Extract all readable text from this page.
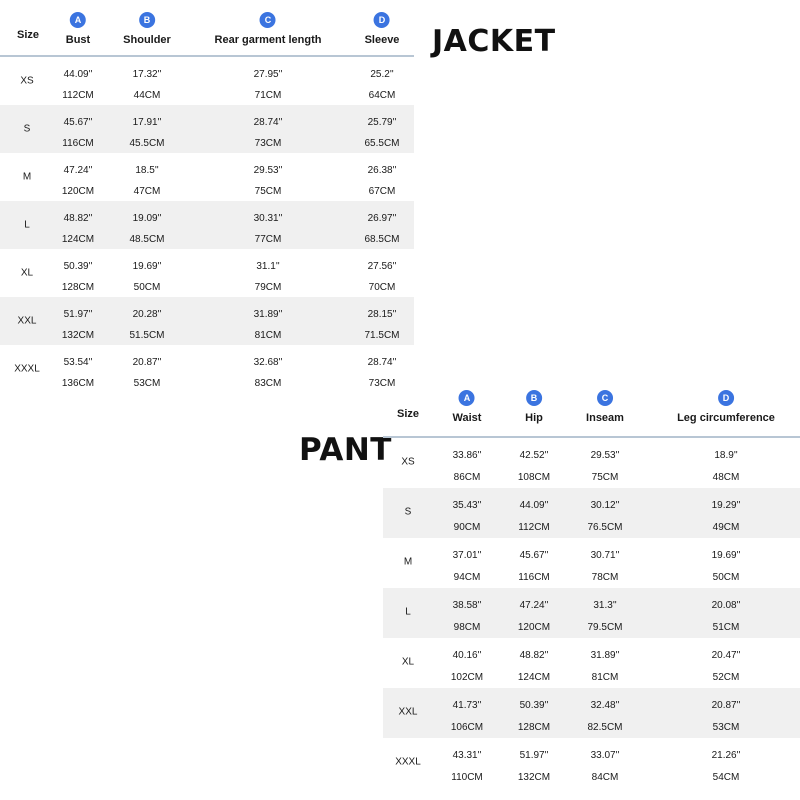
Size
A
Bust
B
Shoulder
C
Rear garment length
D
Sleeve
XS
44.09''
112CM
17.32''
44CM
27.95''
71CM
25.2''
64CM
S
45.67''
116CM
17.91''
45.5CM
28.74''
73CM
25.79''
65.5CM
M
47.24''
120CM
18.5''
47CM
29.53''
75CM
26.38''
67CM
L
48.82''
124CM
19.09''
48.5CM
30.31''
77CM
26.97''
68.5CM
XL
50.39''
128CM
19.69''
50CM
31.1''
79CM
27.56''
70CM
XXL
51.97''
132CM
20.28''
51.5CM
31.89''
81CM
28.15''
71.5CM
XXXL
53.54''
136CM
20.87''
53CM
32.68''
83CM
28.74''
73CM
JACKET
PANT
Size
A
Waist
B
Hip
C
Inseam
D
Leg circumference
XS
33.86''
86CM
42.52''
108CM
29.53''
75CM
18.9''
48CM
S
35.43''
90CM
44.09''
112CM
30.12''
76.5CM
19.29''
49CM
M
37.01''
94CM
45.67''
116CM
30.71''
78CM
19.69''
50CM
L
38.58''
98CM
47.24''
120CM
31.3''
79.5CM
20.08''
51CM
XL
40.16''
102CM
48.82''
124CM
31.89''
81CM
20.47''
52CM
XXL
41.73''
106CM
50.39''
128CM
32.48''
82.5CM
20.87''
53CM
XXXL
43.31''
110CM
51.97''
132CM
33.07''
84CM
21.26''
54CM
